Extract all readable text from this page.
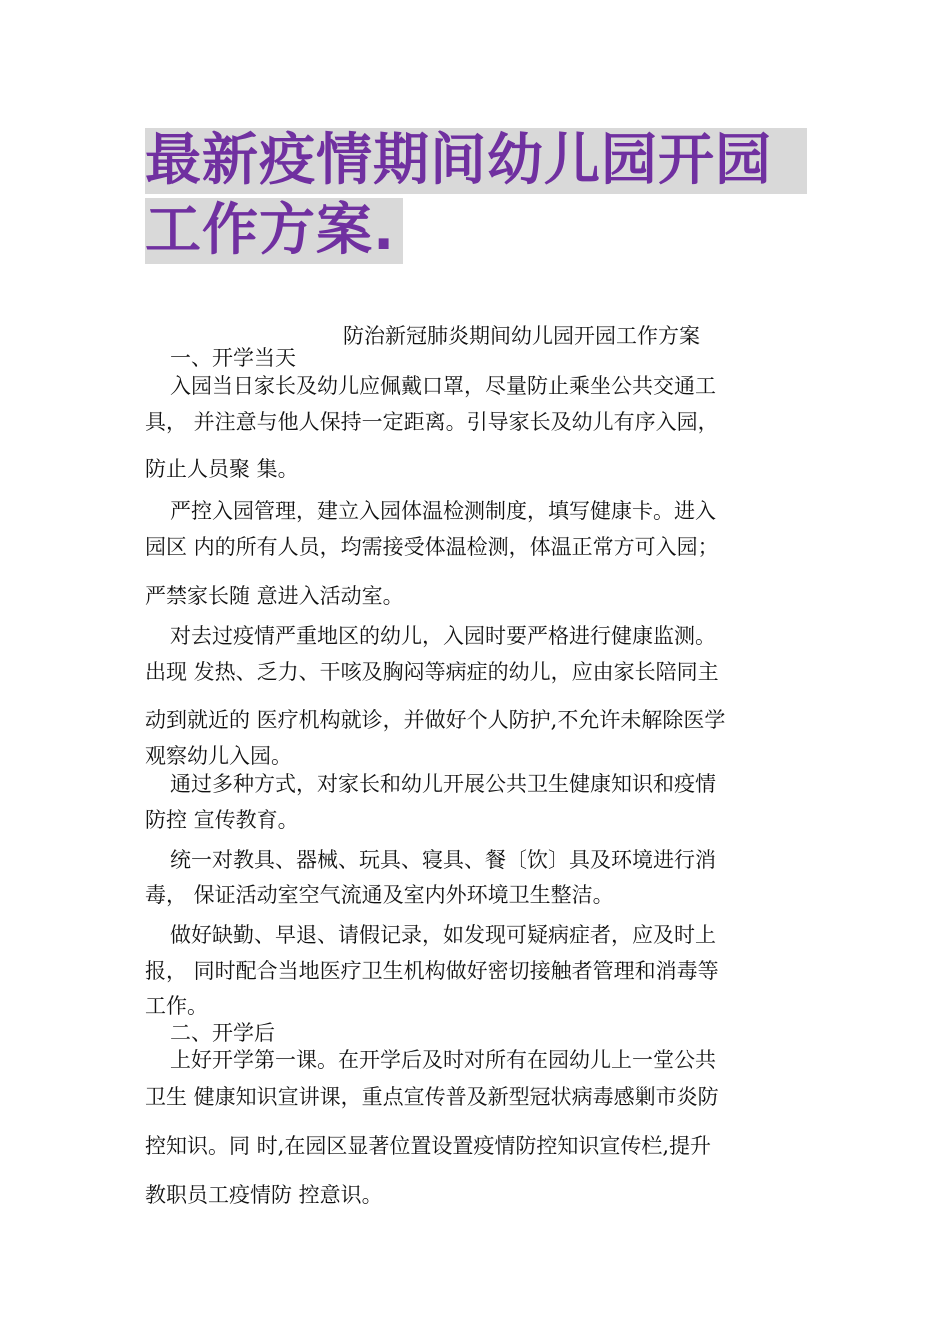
最新疫情期间幼儿园开园
工作方案.
防治新冠肺炎期间幼儿园开园工作方案
一、开学当天
入园当日家长及幼儿应佩戴口罩，尽量防止乘坐公共交通工
具， 并注意与他人保持一定距离。引导家长及幼儿有序入园，
防止人员聚 集。
严控入园管理，建立入园体温检测制度，填写健康卡。进入
园区 内的所有人员，均需接受体温检测，体温正常方可入园；
严禁家长随 意进入活动室。
对去过疫情严重地区的幼儿，入园时要严格进行健康监测。
出现 发热、乏力、干咳及胸闷等病症的幼儿，应由家长陪同主
动到就近的 医疗机构就诊，并做好个人防护,不允许未解除医学
观察幼儿入园。
通过多种方式，对家长和幼儿开展公共卫生健康知识和疫情
防控 宣传教育。
统一对教具、器械、玩具、寝具、餐〔饮〕具及环境进行消
毒， 保证活动室空气流通及室内外环境卫生整洁。
做好缺勤、早退、请假记录，如发现可疑病症者，应及时上
报， 同时配合当地医疗卫生机构做好密切接触者管理和消毒等
工作。
二、开学后
上好开学第一课。在开学后及时对所有在园幼儿上一堂公共
卫生 健康知识宣讲课，重点宣传普及新型冠状病毒感剿市炎防
控知识。同 时,在园区显著位置设置疫情防控知识宣传栏,提升
教职员工疫情防 控意识。
